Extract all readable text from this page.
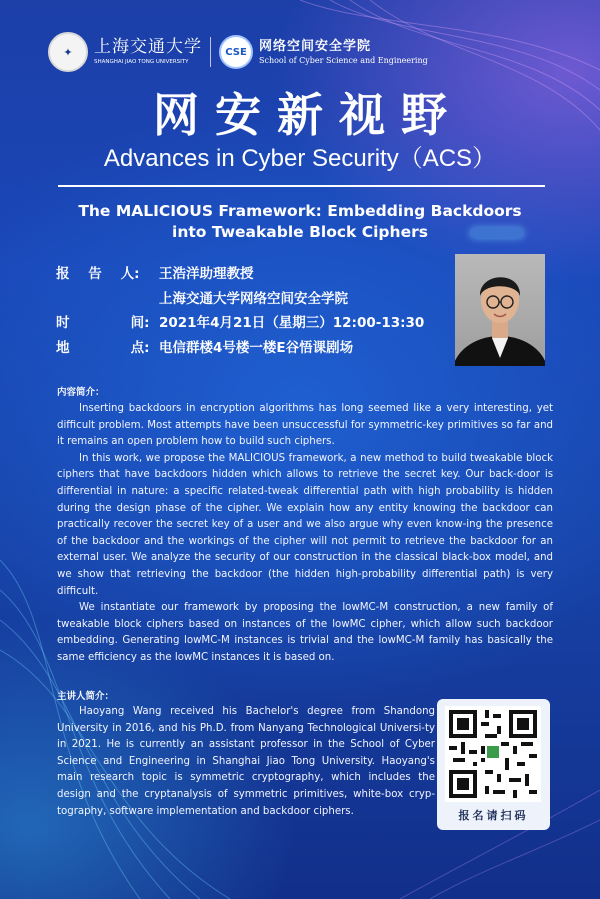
✦	上海交通大学
SHANGHAI JIAO TONG UNIVERSITY
CSE 网络空间安全学院
School of Cyber Science and Engineering
网安新视野
Advances in Cyber Security（ACS）
The MALICIOUS Framework: Embedding Backdoors
into Tweakable Block Ciphers
报    告    人:	王浩洋助理教授
上海交通大学网络空间安全学院
时             间: 2021年4月21日（星期三）12:00-13:30
地             点: 电信群楼4号楼一楼E谷悟课剧场
内容简介：

Inserting backdoors in encryption algorithms has long seemed like a very interesting, yet difficult problem. Most attempts have been unsuccessful for symmetric-key primitives so far and it remains an open problem how to build such ciphers.

In this work, we propose the MALICIOUS framework, a new method to build tweakable block ciphers that have backdoors hidden which allows to retrieve the secret key. Our back-door is differential in nature: a specific related-tweak differential path with high probability is hidden during the design phase of the cipher. We explain how any entity knowing the backdoor can practically recover the secret key of a user and we also argue why even know-ing the presence of the backdoor and the workings of the cipher will not permit to retrieve the backdoor for an external user. We analyze the security of our construction in the classical black-box model, and we show that retrieving the backdoor (the hidden high-probability differential path) is very difficult.

We instantiate our framework by proposing the lowMC-M construction, a new family of tweakable block ciphers based on instances of the lowMC cipher, which allow such backdoor embedding. Generating lowMC-M instances is trivial and the lowMC-M family has basically the same efficiency as the lowMC instances it is based on.

主讲人简介：

Haoyang Wang received his Bachelor's degree from Shandong University in 2016, and his Ph.D. from Nanyang Technological Universi-ty in 2021. He is currently an assistant professor in the School of Cyber Science and Engineering in Shanghai Jiao Tong University. Haoyang's main research topic is symmetric cryptography, which includes the design and the cryptanalysis of symmetric primitives, white-box cryp-tography, software implementation and backdoor ciphers.	报名请扫码
